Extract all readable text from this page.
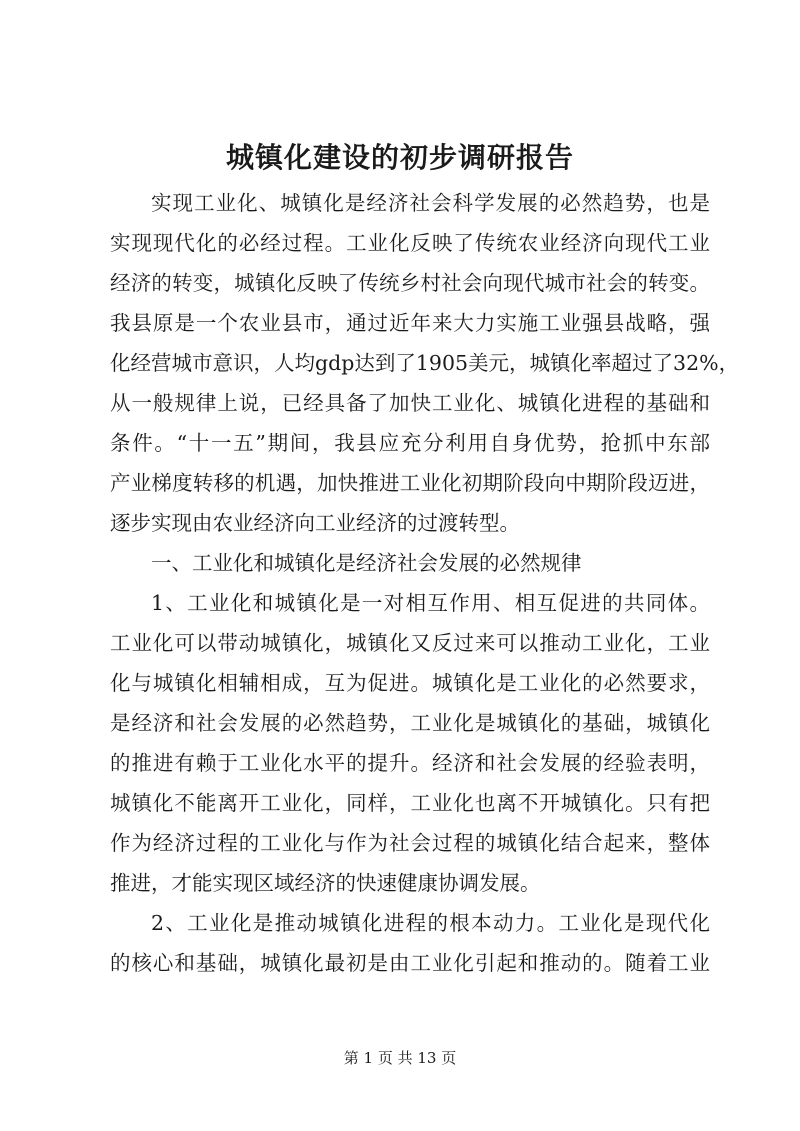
城镇化建设的初步调研报告
实现工业化、城镇化是经济社会科学发展的必然趋势，也是
实现现代化的必经过程。工业化反映了传统农业经济向现代工业
经济的转变，城镇化反映了传统乡村社会向现代城市社会的转变。
我县原是一个农业县市，通过近年来大力实施工业强县战略，强
化经营城市意识，人均gdp达到了1905美元，城镇化率超过了32%，
从一般规律上说，已经具备了加快工业化、城镇化进程的基础和
条件。“十一五”期间，我县应充分利用自身优势，抢抓中东部
产业梯度转移的机遇，加快推进工业化初期阶段向中期阶段迈进，
逐步实现由农业经济向工业经济的过渡转型。
一、工业化和城镇化是经济社会发展的必然规律
1、工业化和城镇化是一对相互作用、相互促进的共同体。
工业化可以带动城镇化，城镇化又反过来可以推动工业化，工业
化与城镇化相辅相成，互为促进。城镇化是工业化的必然要求，
是经济和社会发展的必然趋势，工业化是城镇化的基础，城镇化
的推进有赖于工业化水平的提升。经济和社会发展的经验表明，
城镇化不能离开工业化，同样，工业化也离不开城镇化。只有把
作为经济过程的工业化与作为社会过程的城镇化结合起来，整体
推进，才能实现区域经济的快速健康协调发展。
2、工业化是推动城镇化进程的根本动力。工业化是现代化
的核心和基础，城镇化最初是由工业化引起和推动的。随着工业
第 1 页 共 13 页
